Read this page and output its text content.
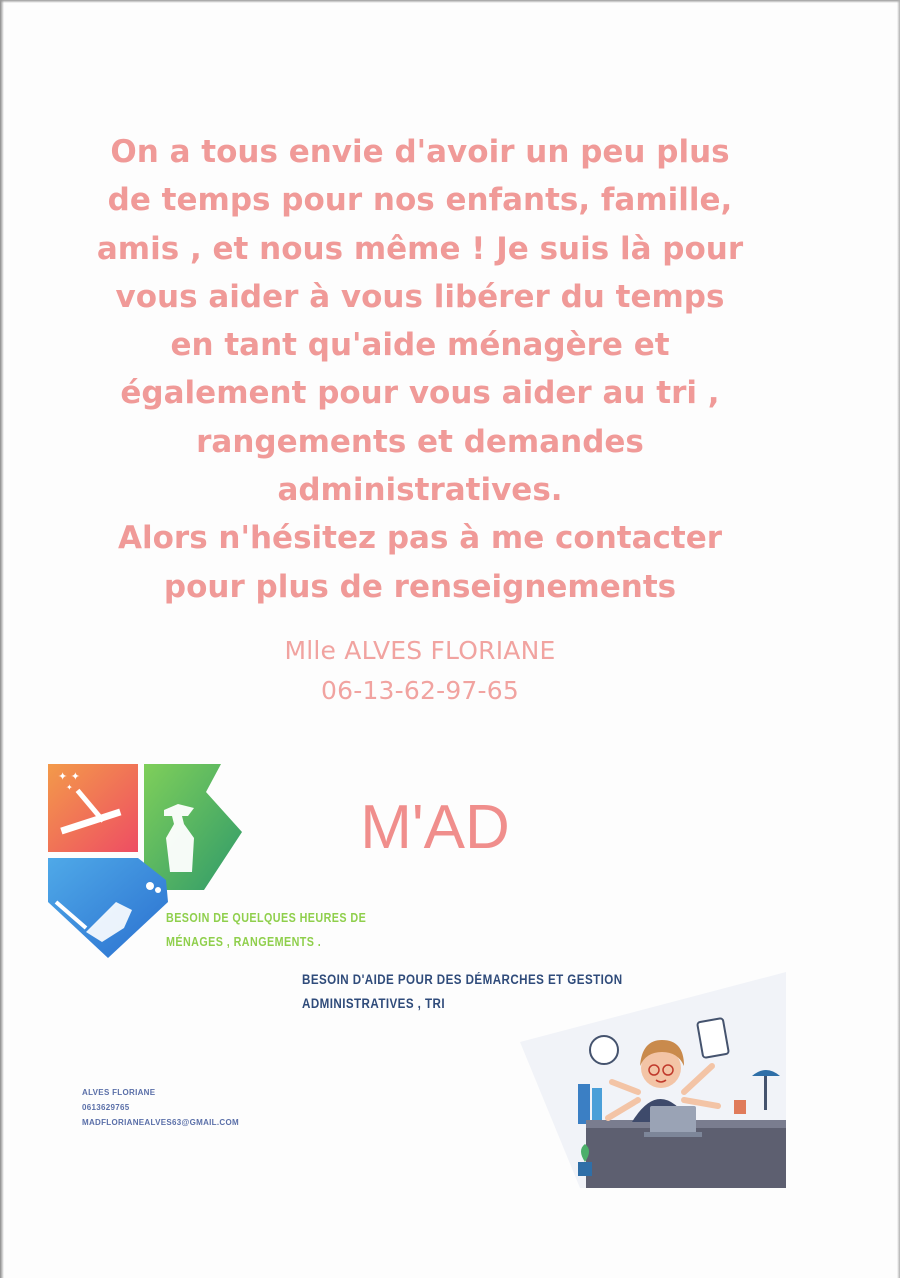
On a tous envie d'avoir un peu plus
de temps pour nos enfants, famille,
amis , et nous même ! Je suis là pour
vous aider à vous libérer du temps
en tant qu'aide ménagère et
également pour vous aider au tri ,
rangements et demandes
administratives.
Alors n'hésitez pas à me contacter
pour plus de renseignements
Mlle ALVES FLORIANE
06-13-62-97-65
✦ ✦
✦
M'AD
BESOIN DE QUELQUES HEURES DE
MÉNAGES , RANGEMENTS .
BESOIN D'AIDE POUR DES DÉMARCHES ET GESTION
ADMINISTRATIVES , TRI
ALVES FLORIANE
0613629765
MADFLORIANEALVES63@GMAIL.COM
